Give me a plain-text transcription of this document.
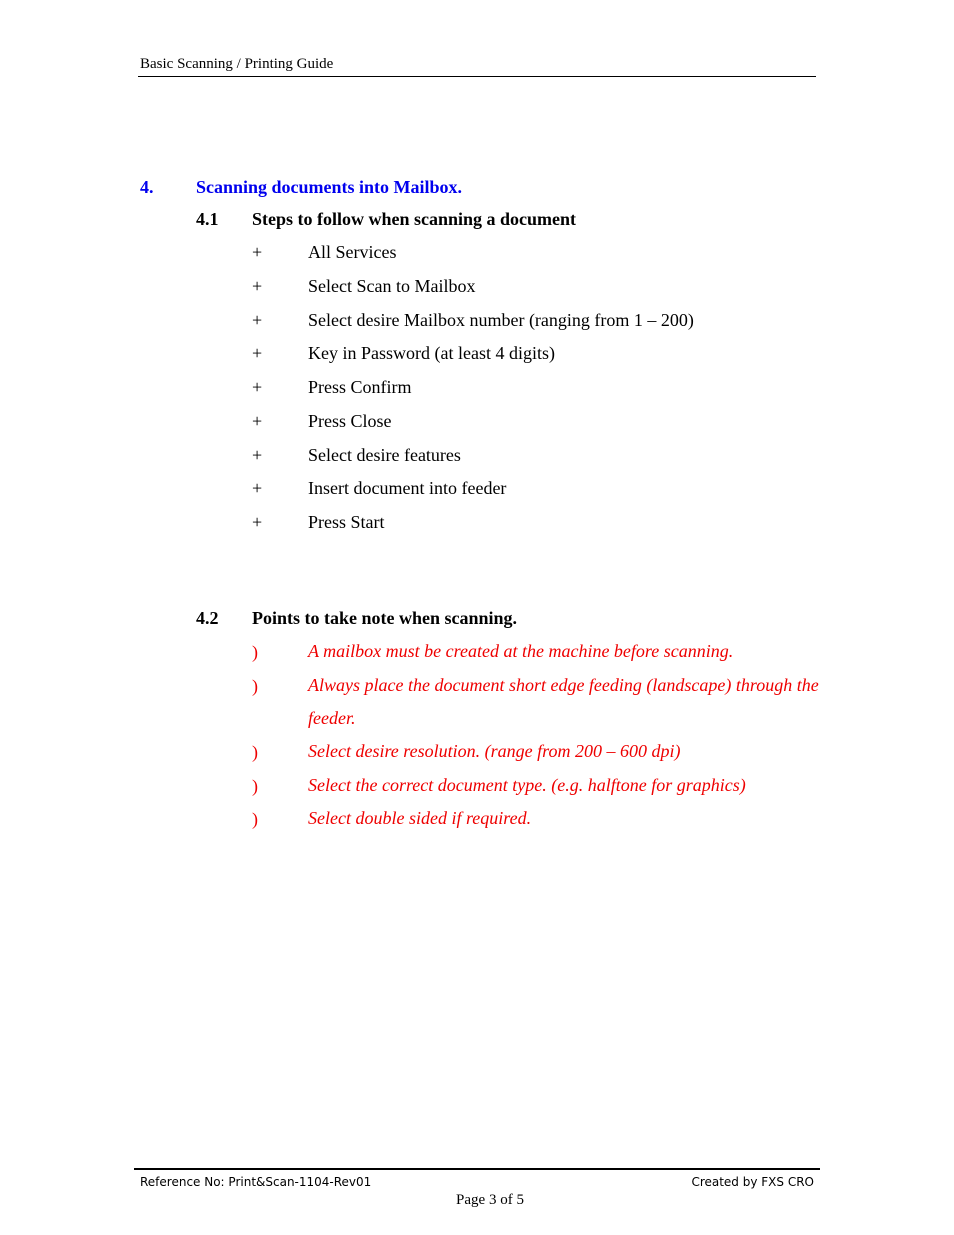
Basic Scanning / Printing Guide
4. Scanning documents into Mailbox.
4.1 Steps to follow when scanning a document
+	All Services
+	Select Scan to Mailbox
+	Select desire Mailbox number (ranging from 1 – 200)
+	Key in Password (at least 4 digits)
+	Press Confirm
+	Press Close
+	Select desire features
+	Insert document into feeder
+	Press Start
4.2 Points to take note when scanning.
)	A mailbox must be created at the machine before scanning.
)	Always place the document short edge feeding (landscape) through the feeder.
)	Select desire resolution. (range from 200 – 600 dpi)
)	Select the correct document type. (e.g. halftone for graphics)
)	Select double sided if required.
Reference No: Print&Scan-1104-Rev01	Created by FXS CRO
Page 3 of 5
